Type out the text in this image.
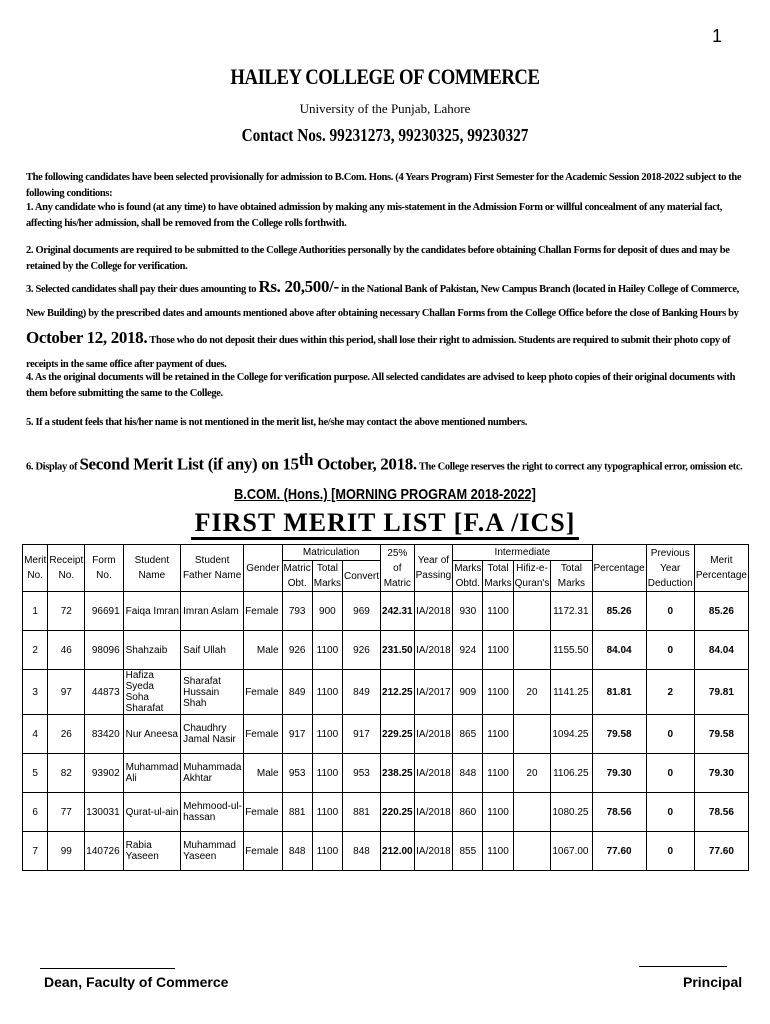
1
HAILEY COLLEGE OF COMMERCE
University of the Punjab, Lahore
Contact Nos. 99231273, 99230325, 99230327
The following candidates have been selected provisionally for admission to B.Com. Hons. (4 Years Program) First Semester for the Academic Session 2018-2022 subject to the following conditions:
1. Any candidate who is found (at any time) to have obtained admission by making any mis-statement in the Admission Form or willful concealment of any material fact, affecting his/her admission, shall be removed from the College rolls forthwith.
2. Original documents are required to be submitted to the College Authorities personally by the candidates before obtaining Challan Forms for deposit of dues and may be retained by the College for verification.
3. Selected candidates shall pay their dues amounting to Rs. 20,500/- in the National Bank of Pakistan, New Campus Branch (located in Hailey College of Commerce, New Building) by the prescribed dates and amounts mentioned above after obtaining necessary Challan Forms from the College Office before the close of Banking Hours by October 12, 2018. Those who do not deposit their dues within this period, shall lose their right to admission. Students are required to submit their photo copy of receipts in the same office after payment of dues.
4. As the original documents will be retained in the College for verification purpose. All selected candidates are advised to keep photo copies of their original documents with them before submitting the same to the College.
5. If a student feels that his/her name is not mentioned in the merit list, he/she may contact the above mentioned numbers.
6. Display of Second Merit List (if any) on 15th October, 2018. The College reserves the right to correct any typographical error, omission etc.
B.COM. (Hons.) [MORNING PROGRAM 2018-2022]
FIRST MERIT LIST [F.A /ICS]
Merit No.	Receipt No.	Form No.	Student Name	Student Father Name	Gender	Matriculation			25% of Matric	Year of Passing	Intermediate				Percentage	Previous Year Deduction	Merit Percentage
						Matric Obt.	Total Marks	Convert			Marks Obtd.	Total Marks	Hifiz-e-Quran's	Total Marks			
1	72	96691	Faiqa Imran	Imran Aslam	Female	793	900	969	242.31	IA/2018	930	1100		1172.31	85.26	0	85.26
2	46	98096	Shahzaib	Saif Ullah	Male	926	1100	926	231.50	IA/2018	924	1100		1155.50	84.04	0	84.04
3	97	44873	Hafiza Syeda Soha Sharafat	Sharafat Hussain Shah	Female	849	1100	849	212.25	IA/2017	909	1100	20	1141.25	81.81	2	79.81
4	26	83420	Nur Aneesa	Chaudhry Jamal Nasir	Female	917	1100	917	229.25	IA/2018	865	1100		1094.25	79.58	0	79.58
5	82	93902	Muhammad Ali	Muhammada Akhtar	Male	953	1100	953	238.25	IA/2018	848	1100	20	1106.25	79.30	0	79.30
6	77	130031	Qurat-ul-ain	Mehmood-ul-hassan	Female	881	1100	881	220.25	IA/2018	860	1100		1080.25	78.56	0	78.56
7	99	140726	Rabia Yaseen	Muhammad Yaseen	Female	848	1100	848	212.00	IA/2018	855	1100		1067.00	77.60	0	77.60
Dean, Faculty of Commerce	Principal
